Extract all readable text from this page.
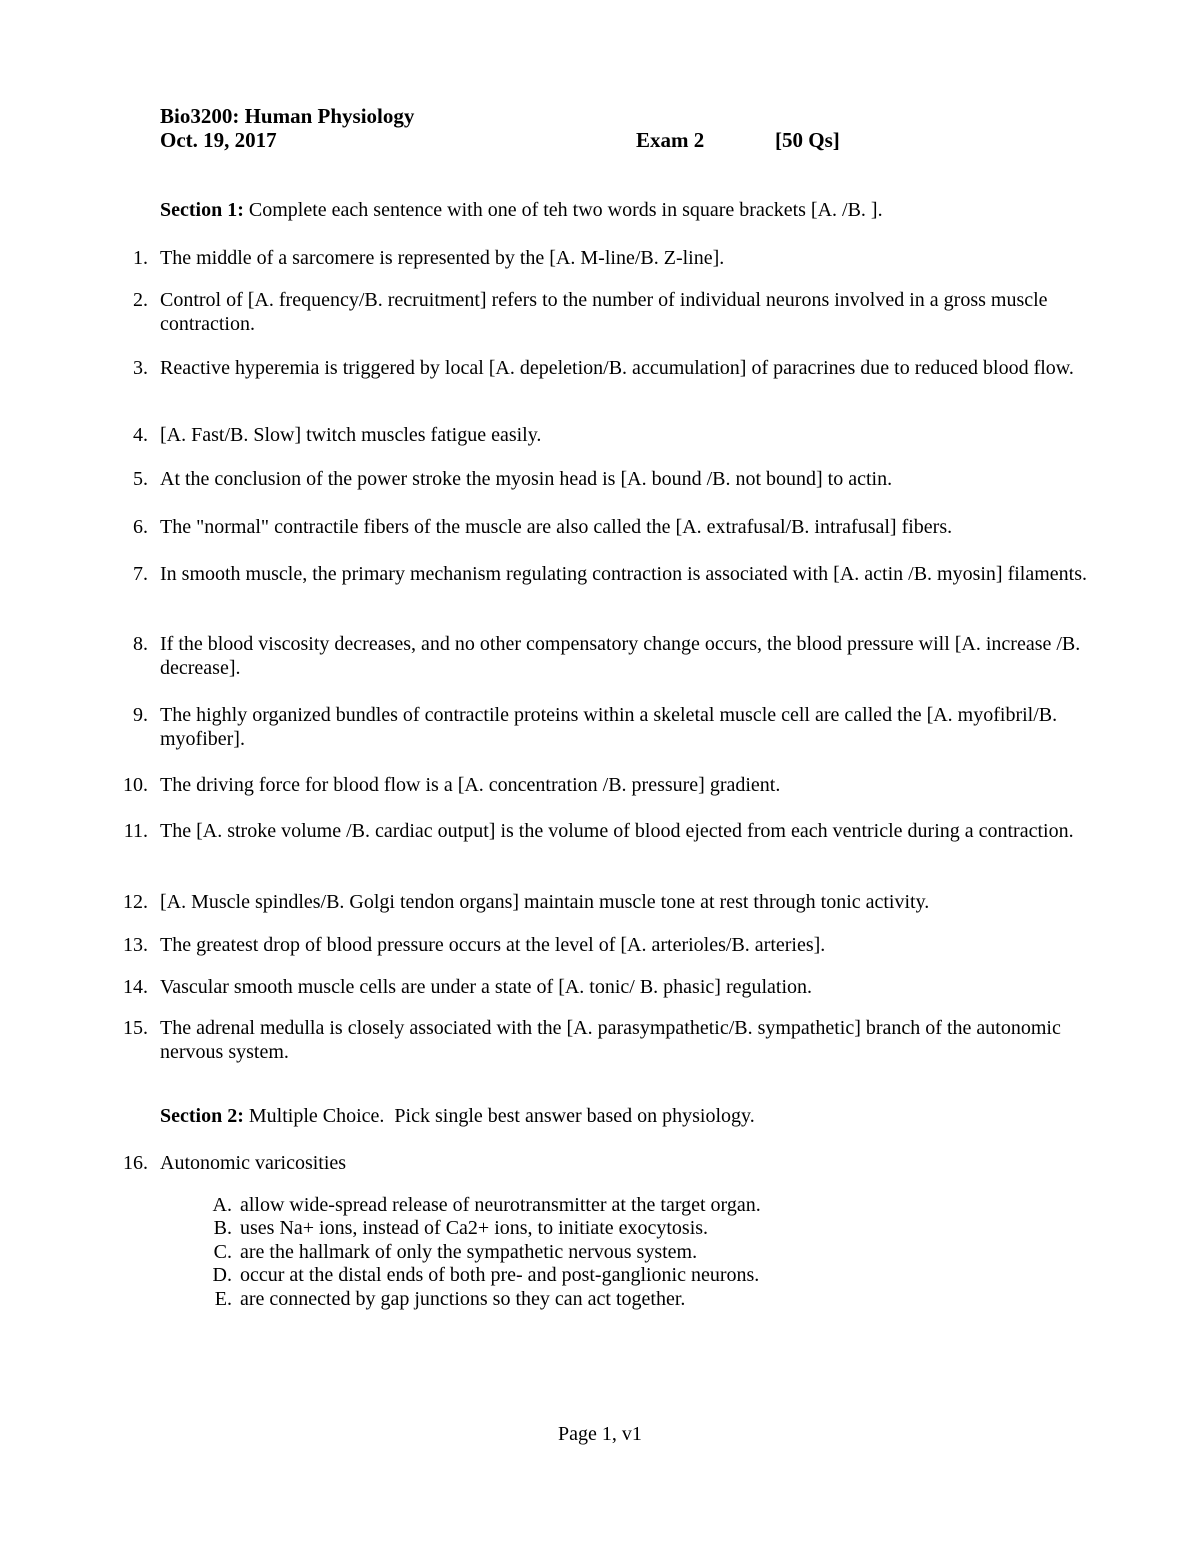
Bio3200: Human Physiology
Oct. 19, 2017	Exam 2	[50 Qs]
Section 1: Complete each sentence with one of teh two words in square brackets [A. /B. ].
1. The middle of a sarcomere is represented by the [A. M-line/B. Z-line].
2. Control of [A. frequency/B. recruitment] refers to the number of individual neurons involved in a gross muscle contraction.
3. Reactive hyperemia is triggered by local [A. depeletion/B. accumulation] of paracrines due to reduced blood flow.
4. [A. Fast/B. Slow] twitch muscles fatigue easily.
5. At the conclusion of the power stroke the myosin head is [A. bound /B. not bound] to actin.
6. The "normal" contractile fibers of the muscle are also called the [A. extrafusal/B. intrafusal] fibers.
7. In smooth muscle, the primary mechanism regulating contraction is associated with [A. actin /B. myosin] filaments.
8. If the blood viscosity decreases, and no other compensatory change occurs, the blood pressure will [A. increase /B. decrease].
9. The highly organized bundles of contractile proteins within a skeletal muscle cell are called the [A. myofibril/B. myofiber].
10. The driving force for blood flow is a [A. concentration /B. pressure] gradient.
11. The [A. stroke volume /B. cardiac output] is the volume of blood ejected from each ventricle during a contraction.
12. [A. Muscle spindles/B. Golgi tendon organs] maintain muscle tone at rest through tonic activity.
13. The greatest drop of blood pressure occurs at the level of [A. arterioles/B. arteries].
14. Vascular smooth muscle cells are under a state of [A. tonic/ B. phasic] regulation.
15. The adrenal medulla is closely associated with the [A. parasympathetic/B. sympathetic] branch of the autonomic nervous system.
Section 2: Multiple Choice.  Pick single best answer based on physiology.
16. Autonomic varicosities
A. allow wide-spread release of neurotransmitter at the target organ.
B. uses Na+ ions, instead of Ca2+ ions, to initiate exocytosis.
C. are the hallmark of only the sympathetic nervous system.
D. occur at the distal ends of both pre- and post-ganglionic neurons.
E. are connected by gap junctions so they can act together.
Page 1, v1
